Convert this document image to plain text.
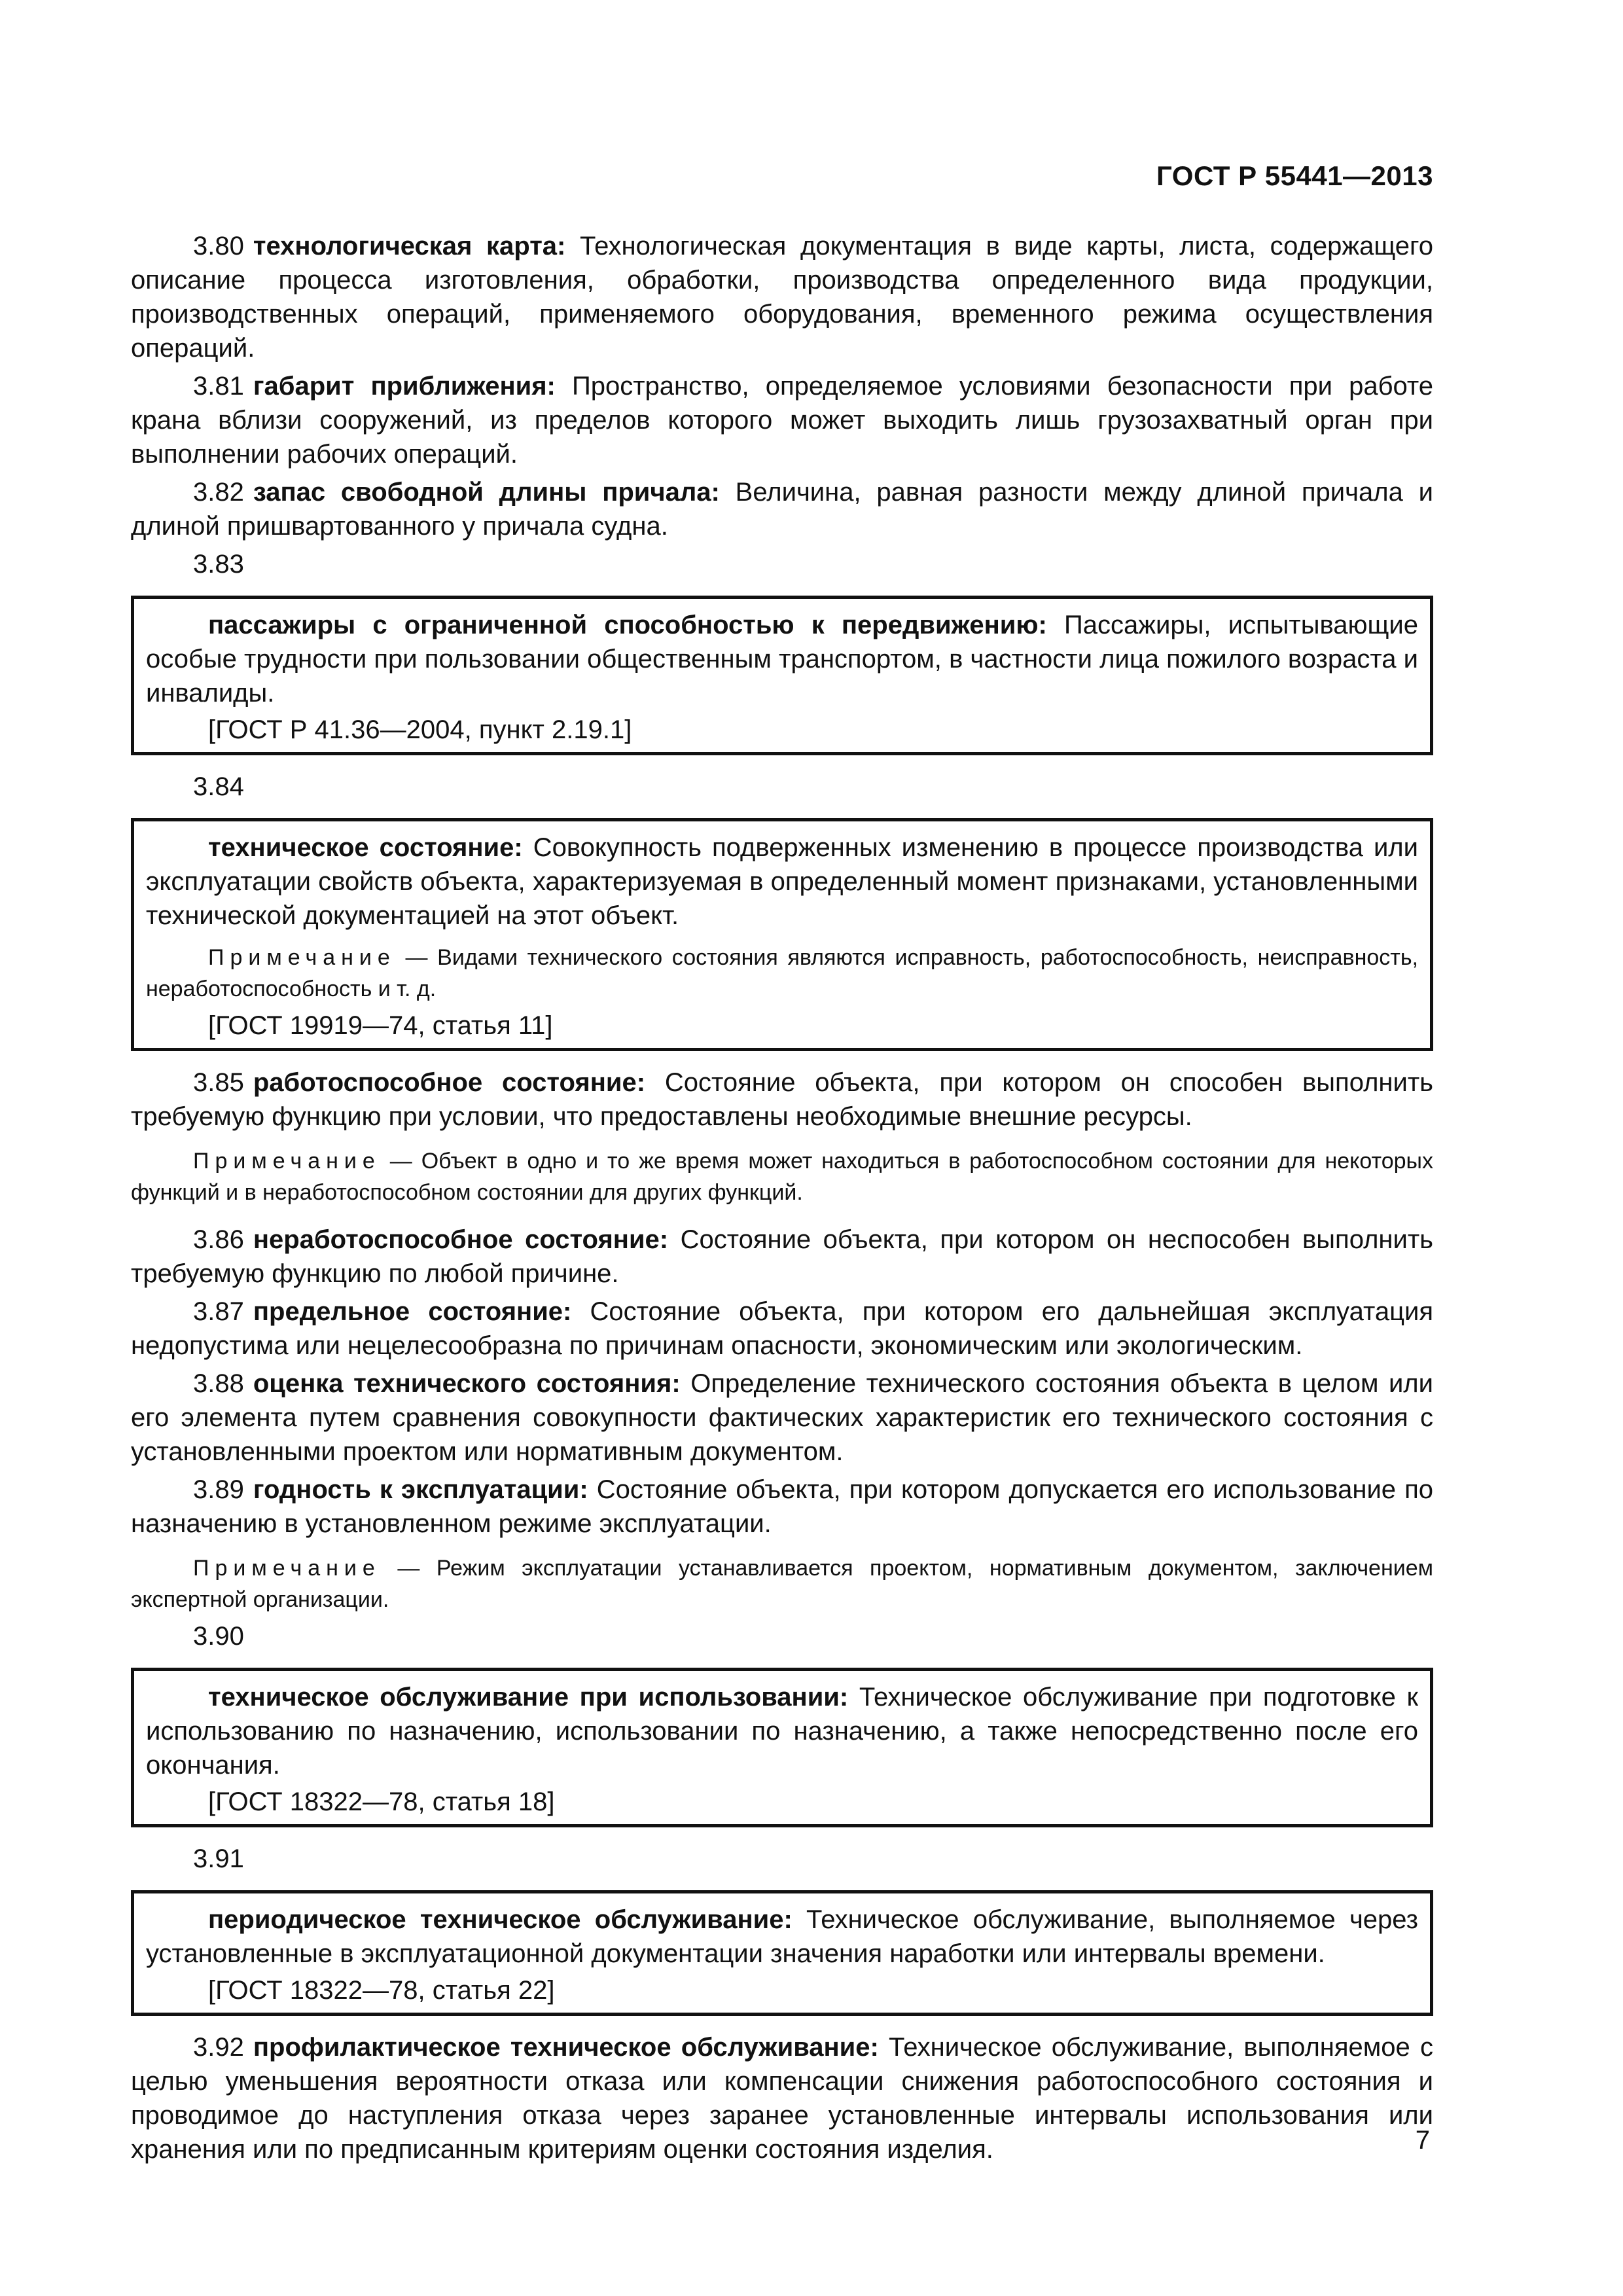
ГОСТ Р 55441—2013

3.80 технологическая карта: Технологическая документация в виде карты, листа, содержащего описание процесса изготовления, обработки, производства определенного вида продукции, производственных операций, применяемого оборудования, временного режима осуществления операций.

3.81 габарит приближения: Пространство, определяемое условиями безопасности при работе крана вблизи сооружений, из пределов которого может выходить лишь грузозахватный орган при выполнении рабочих операций.

3.82 запас свободной длины причала: Величина, равная разности между длиной причала и длиной пришвартованного у причала судна.

3.83

пассажиры с ограниченной способностью к передвижению: Пассажиры, испытывающие особые трудности при пользовании общественным транспортом, в частности лица пожилого возраста и инвалиды.

[ГОСТ Р 41.36—2004, пункт 2.19.1]

3.84

техническое состояние: Совокупность подверженных изменению в процессе производства или эксплуатации свойств объекта, характеризуемая в определенный момент признаками, установленными технической документацией на этот объект.

Примечание — Видами технического состояния являются исправность, работоспособность, неисправность, неработоспособность и т. д.

[ГОСТ 19919—74, статья 11]

3.85 работоспособное состояние: Состояние объекта, при котором он способен выполнить требуемую функцию при условии, что предоставлены необходимые внешние ресурсы.

Примечание — Объект в одно и то же время может находиться в работоспособном состоянии для некоторых функций и в неработоспособном состоянии для других функций.

3.86 неработоспособное состояние: Состояние объекта, при котором он неспособен выполнить требуемую функцию по любой причине.

3.87 предельное состояние: Состояние объекта, при котором его дальнейшая эксплуатация недопустима или нецелесообразна по причинам опасности, экономическим или экологическим.

3.88 оценка технического состояния: Определение технического состояния объекта в целом или его элемента путем сравнения совокупности фактических характеристик его технического состояния с установленными проектом или нормативным документом.

3.89 годность к эксплуатации: Состояние объекта, при котором допускается его использование по назначению в установленном режиме эксплуатации.

Примечание — Режим эксплуатации устанавливается проектом, нормативным документом, заключением экспертной организации.

3.90

техническое обслуживание при использовании: Техническое обслуживание при подготовке к использованию по назначению, использовании по назначению, а также непосредственно после его окончания.

[ГОСТ 18322—78, статья 18]

3.91

периодическое техническое обслуживание: Техническое обслуживание, выполняемое через установленные в эксплуатационной документации значения наработки или интервалы времени.

[ГОСТ 18322—78, статья 22]

3.92 профилактическое техническое обслуживание: Техническое обслуживание, выполняемое с целью уменьшения вероятности отказа или компенсации снижения работоспособного состояния и проводимое до наступления отказа через заранее установленные интервалы использования или хранения или по предписанным критериям оценки состояния изделия.	7
